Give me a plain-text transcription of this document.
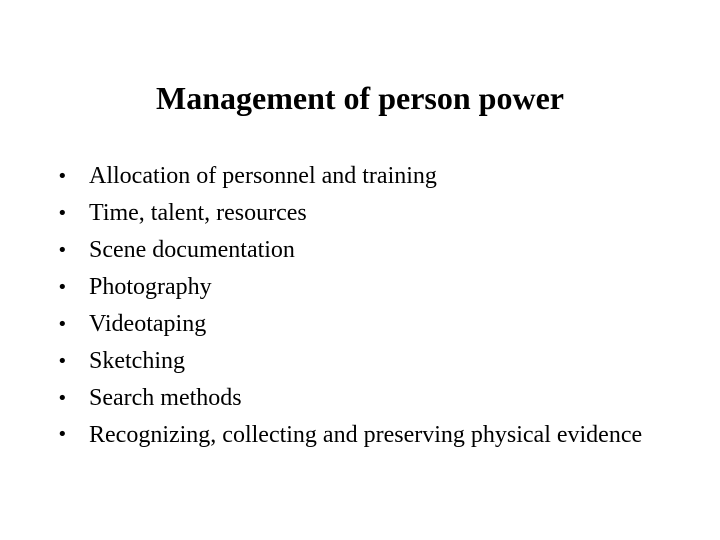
Management of person power
• Allocation of personnel and training
• Time, talent, resources
• Scene documentation
• Photography
• Videotaping
• Sketching
• Search methods
• Recognizing, collecting and preserving physical evidence
